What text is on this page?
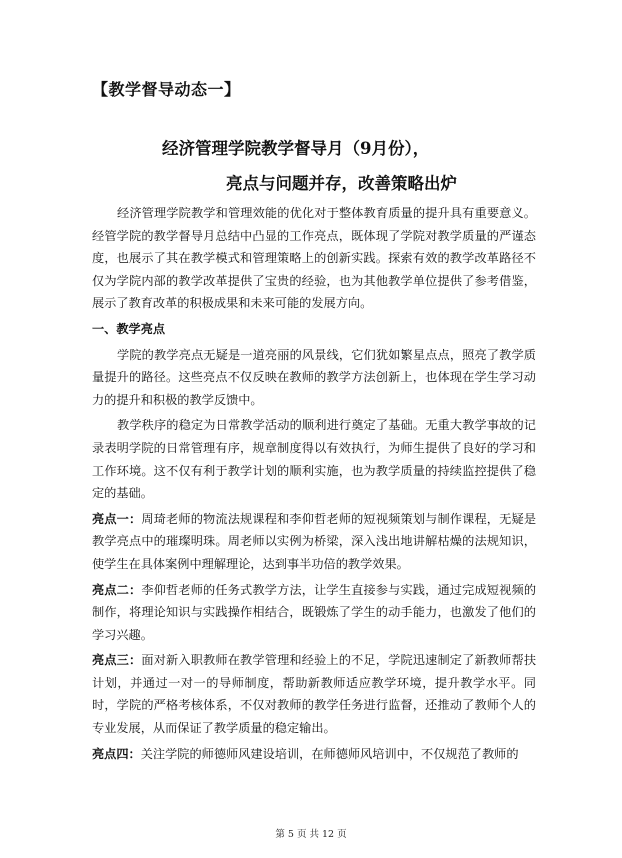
【教学督导动态一】
经济管理学院教学督导月（9月份），
亮点与问题并存，改善策略出炉

经济管理学院教学和管理效能的优化对于整体教育质量的提升具有重要意义。经管学院的教学督导月总结中凸显的工作亮点，既体现了学院对教学质量的严谨态度，也展示了其在教学模式和管理策略上的创新实践。探索有效的教学改革路径不仅为学院内部的教学改革提供了宝贵的经验，也为其他教学单位提供了参考借鉴，展示了教育改革的积极成果和未来可能的发展方向。

一、教学亮点

学院的教学亮点无疑是一道亮丽的风景线，它们犹如繁星点点，照亮了教学质量提升的路径。这些亮点不仅反映在教师的教学方法创新上，也体现在学生学习动力的提升和积极的教学反馈中。

教学秩序的稳定为日常教学活动的顺利进行奠定了基础。无重大教学事故的记录表明学院的日常管理有序，规章制度得以有效执行，为师生提供了良好的学习和工作环境。这不仅有利于教学计划的顺利实施，也为教学质量的持续监控提供了稳定的基础。

亮点一：周琦老师的物流法规课程和李仰哲老师的短视频策划与制作课程，无疑是教学亮点中的璀璨明珠。周老师以实例为桥梁，深入浅出地讲解枯燥的法规知识，使学生在具体案例中理解理论，达到事半功倍的教学效果。

亮点二：李仰哲老师的任务式教学方法，让学生直接参与实践，通过完成短视频的制作，将理论知识与实践操作相结合，既锻炼了学生的动手能力，也激发了他们的学习兴趣。

亮点三：面对新入职教师在教学管理和经验上的不足，学院迅速制定了新教师帮扶计划，并通过一对一的导师制度，帮助新教师适应教学环境，提升教学水平。同时，学院的严格考核体系，不仅对教师的教学任务进行监督，还推动了教师个人的专业发展，从而保证了教学质量的稳定输出。

亮点四：关注学院的师德师风建设培训，在师德师风培训中，不仅规范了教师的

第 5 页 共 12 页
